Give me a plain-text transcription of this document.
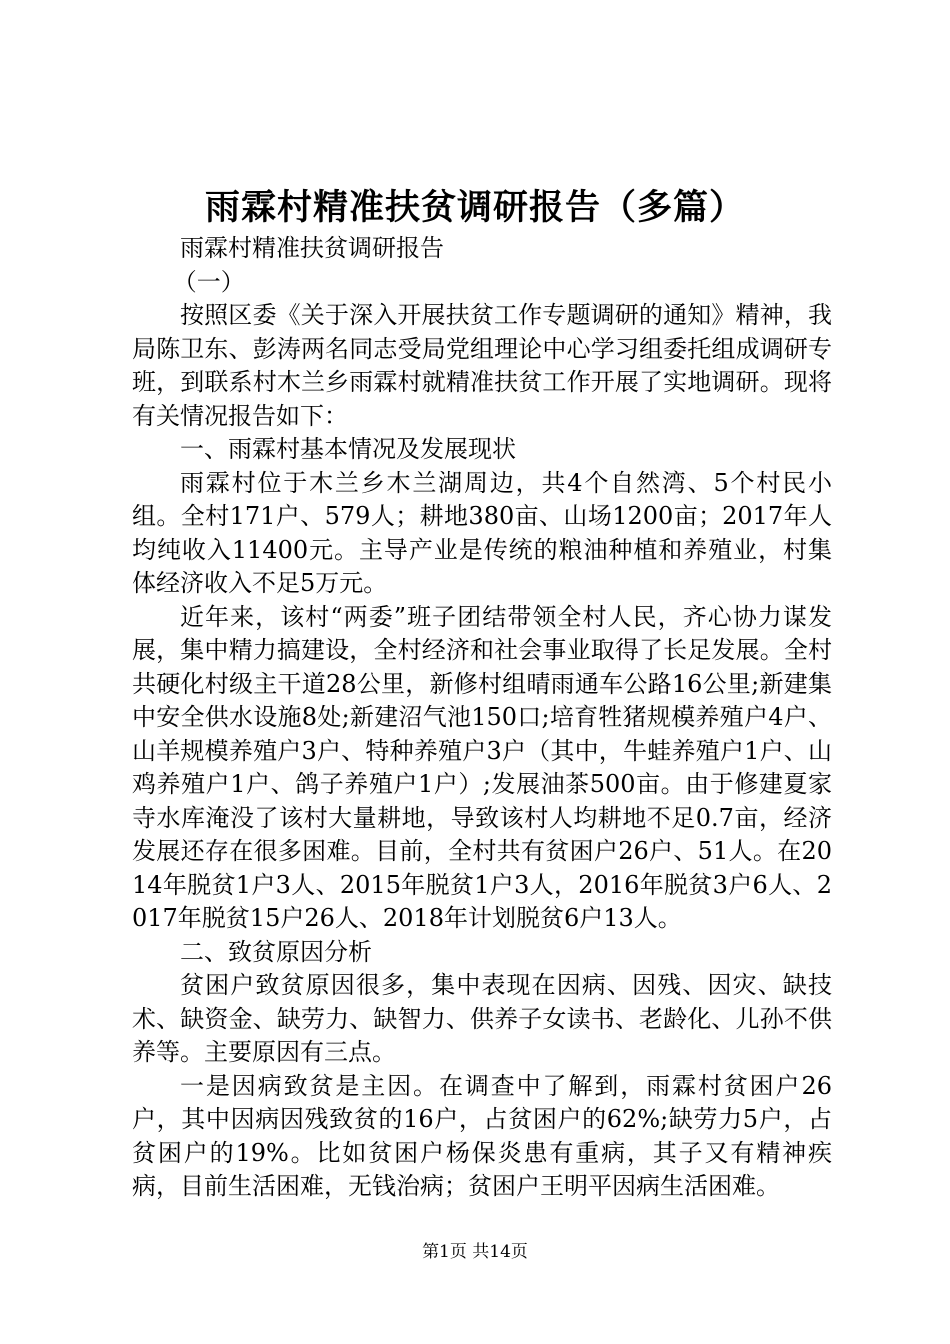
雨霖村精准扶贫调研报告（多篇）

雨霖村精准扶贫调研报告

（一）

按照区委《关于深入开展扶贫工作专题调研的通知》精神，我局陈卫东、彭涛两名同志受局党组理论中心学习组委托组成调研专班，到联系村木兰乡雨霖村就精准扶贫工作开展了实地调研。现将有关情况报告如下：

一、雨霖村基本情况及发展现状

雨霖村位于木兰乡木兰湖周边，共4个自然湾、5个村民小组。全村171户、579人；耕地380亩、山场1200亩；2017年人均纯收入11400元。主导产业是传统的粮油种植和养殖业，村集体经济收入不足5万元。

近年来，该村“两委”班子团结带领全村人民，齐心协力谋发展，集中精力搞建设，全村经济和社会事业取得了长足发展。全村共硬化村级主干道28公里，新修村组晴雨通车公路16公里;新建集中安全供水设施8处;新建沼气池150口;培育牲猪规模养殖户4户、山羊规模养殖户3户、特种养殖户3户（其中，牛蛙养殖户1户、山鸡养殖户1户、鸽子养殖户1户）;发展油茶500亩。由于修建夏家寺水库淹没了该村大量耕地，导致该村人均耕地不足0.7亩，经济发展还存在很多困难。目前，全村共有贫困户26户、51人。在2014年脱贫1户3人、2015年脱贫1户3人，2016年脱贫3户6人、2017年脱贫15户26人、2018年计划脱贫6户13人。

二、致贫原因分析

贫困户致贫原因很多，集中表现在因病、因残、因灾、缺技术、缺资金、缺劳力、缺智力、供养子女读书、老龄化、儿孙不供养等。主要原因有三点。

一是因病致贫是主因。在调查中了解到，雨霖村贫困户26户，其中因病因残致贫的16户，占贫困户的62%;缺劳力5户，占贫困户的19%。比如贫困户杨保炎患有重病，其子又有精神疾病，目前生活困难，无钱治病；贫困户王明平因病生活困难。

第1页 共14页
